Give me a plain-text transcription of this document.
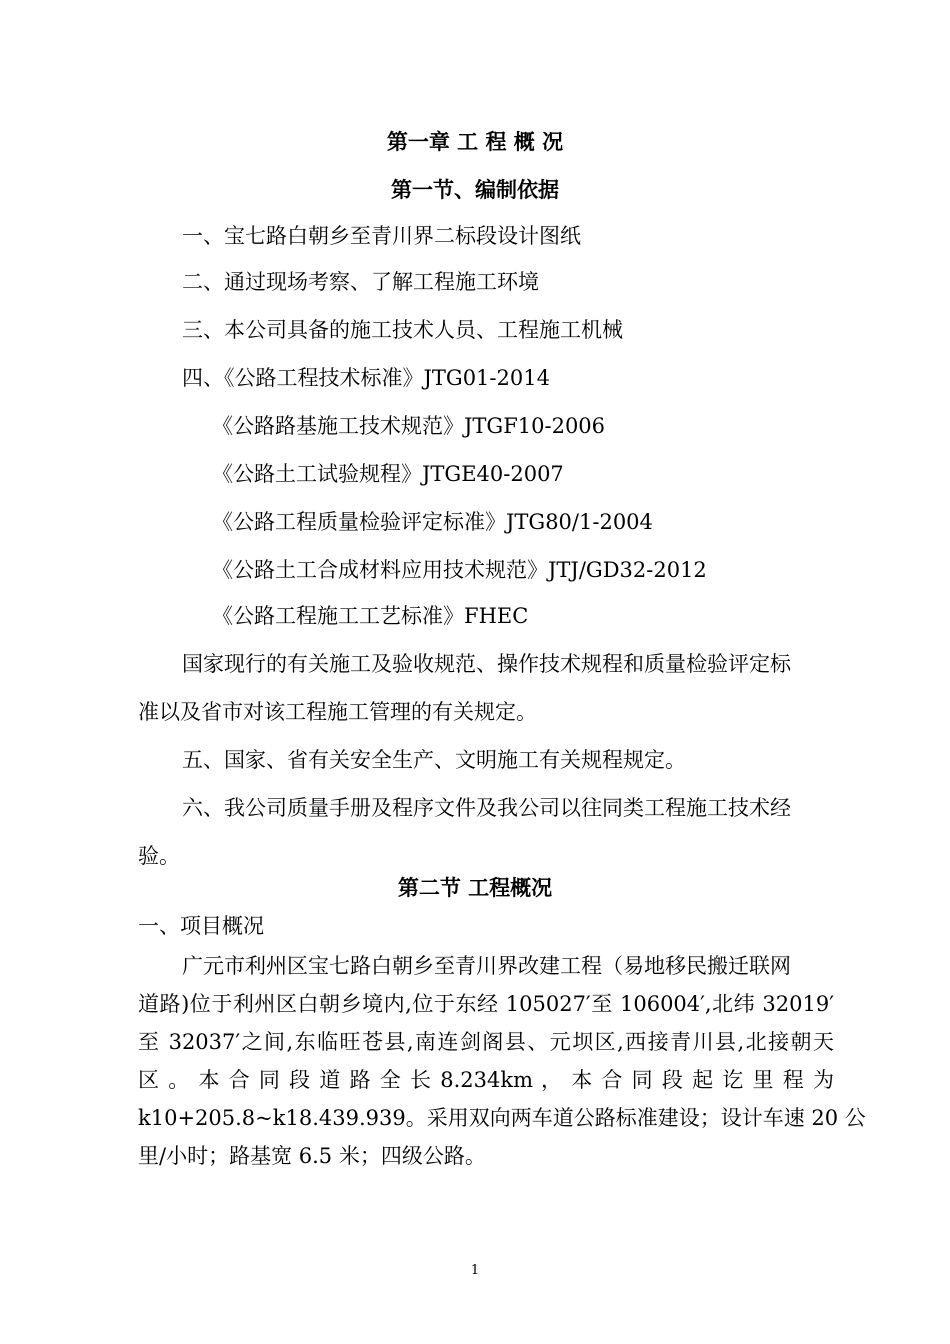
第一章 工 程 概 况
第一节、编制依据
一、宝七路白朝乡至青川界二标段设计图纸
二、通过现场考察、了解工程施工环境
三、本公司具备的施工技术人员、工程施工机械
四、《公路工程技术标准》JTG01-2014
《公路路基施工技术规范》JTGF10-2006
《公路土工试验规程》JTGE40-2007
《公路工程质量检验评定标准》JTG80/1-2004
《公路土工合成材料应用技术规范》JTJ/GD32-2012
《公路工程施工工艺标准》FHEC
国家现行的有关施工及验收规范、操作技术规程和质量检验评定标
准以及省市对该工程施工管理的有关规定。
五、国家、省有关安全生产、文明施工有关规程规定。
六、我公司质量手册及程序文件及我公司以往同类工程施工技术经
验。
第二节 工程概况
一、项目概况
广元市利州区宝七路白朝乡至青川界改建工程（易地移民搬迁联网
道路)位于利州区白朝乡境内,位于东经 105027′至 106004′,北纬 32019′
至 32037′之间,东临旺苍县,南连剑阁县、元坝区,西接青川县,北接朝天
区 。 本 合 同 段 道 路 全 长 8.234km ， 本 合 同 段 起 讫 里 程 为
k10+205.8~k18.439.939。采用双向两车道公路标准建设；设计车速 20 公
里/小时；路基宽 6.5 米；四级公路。
1
